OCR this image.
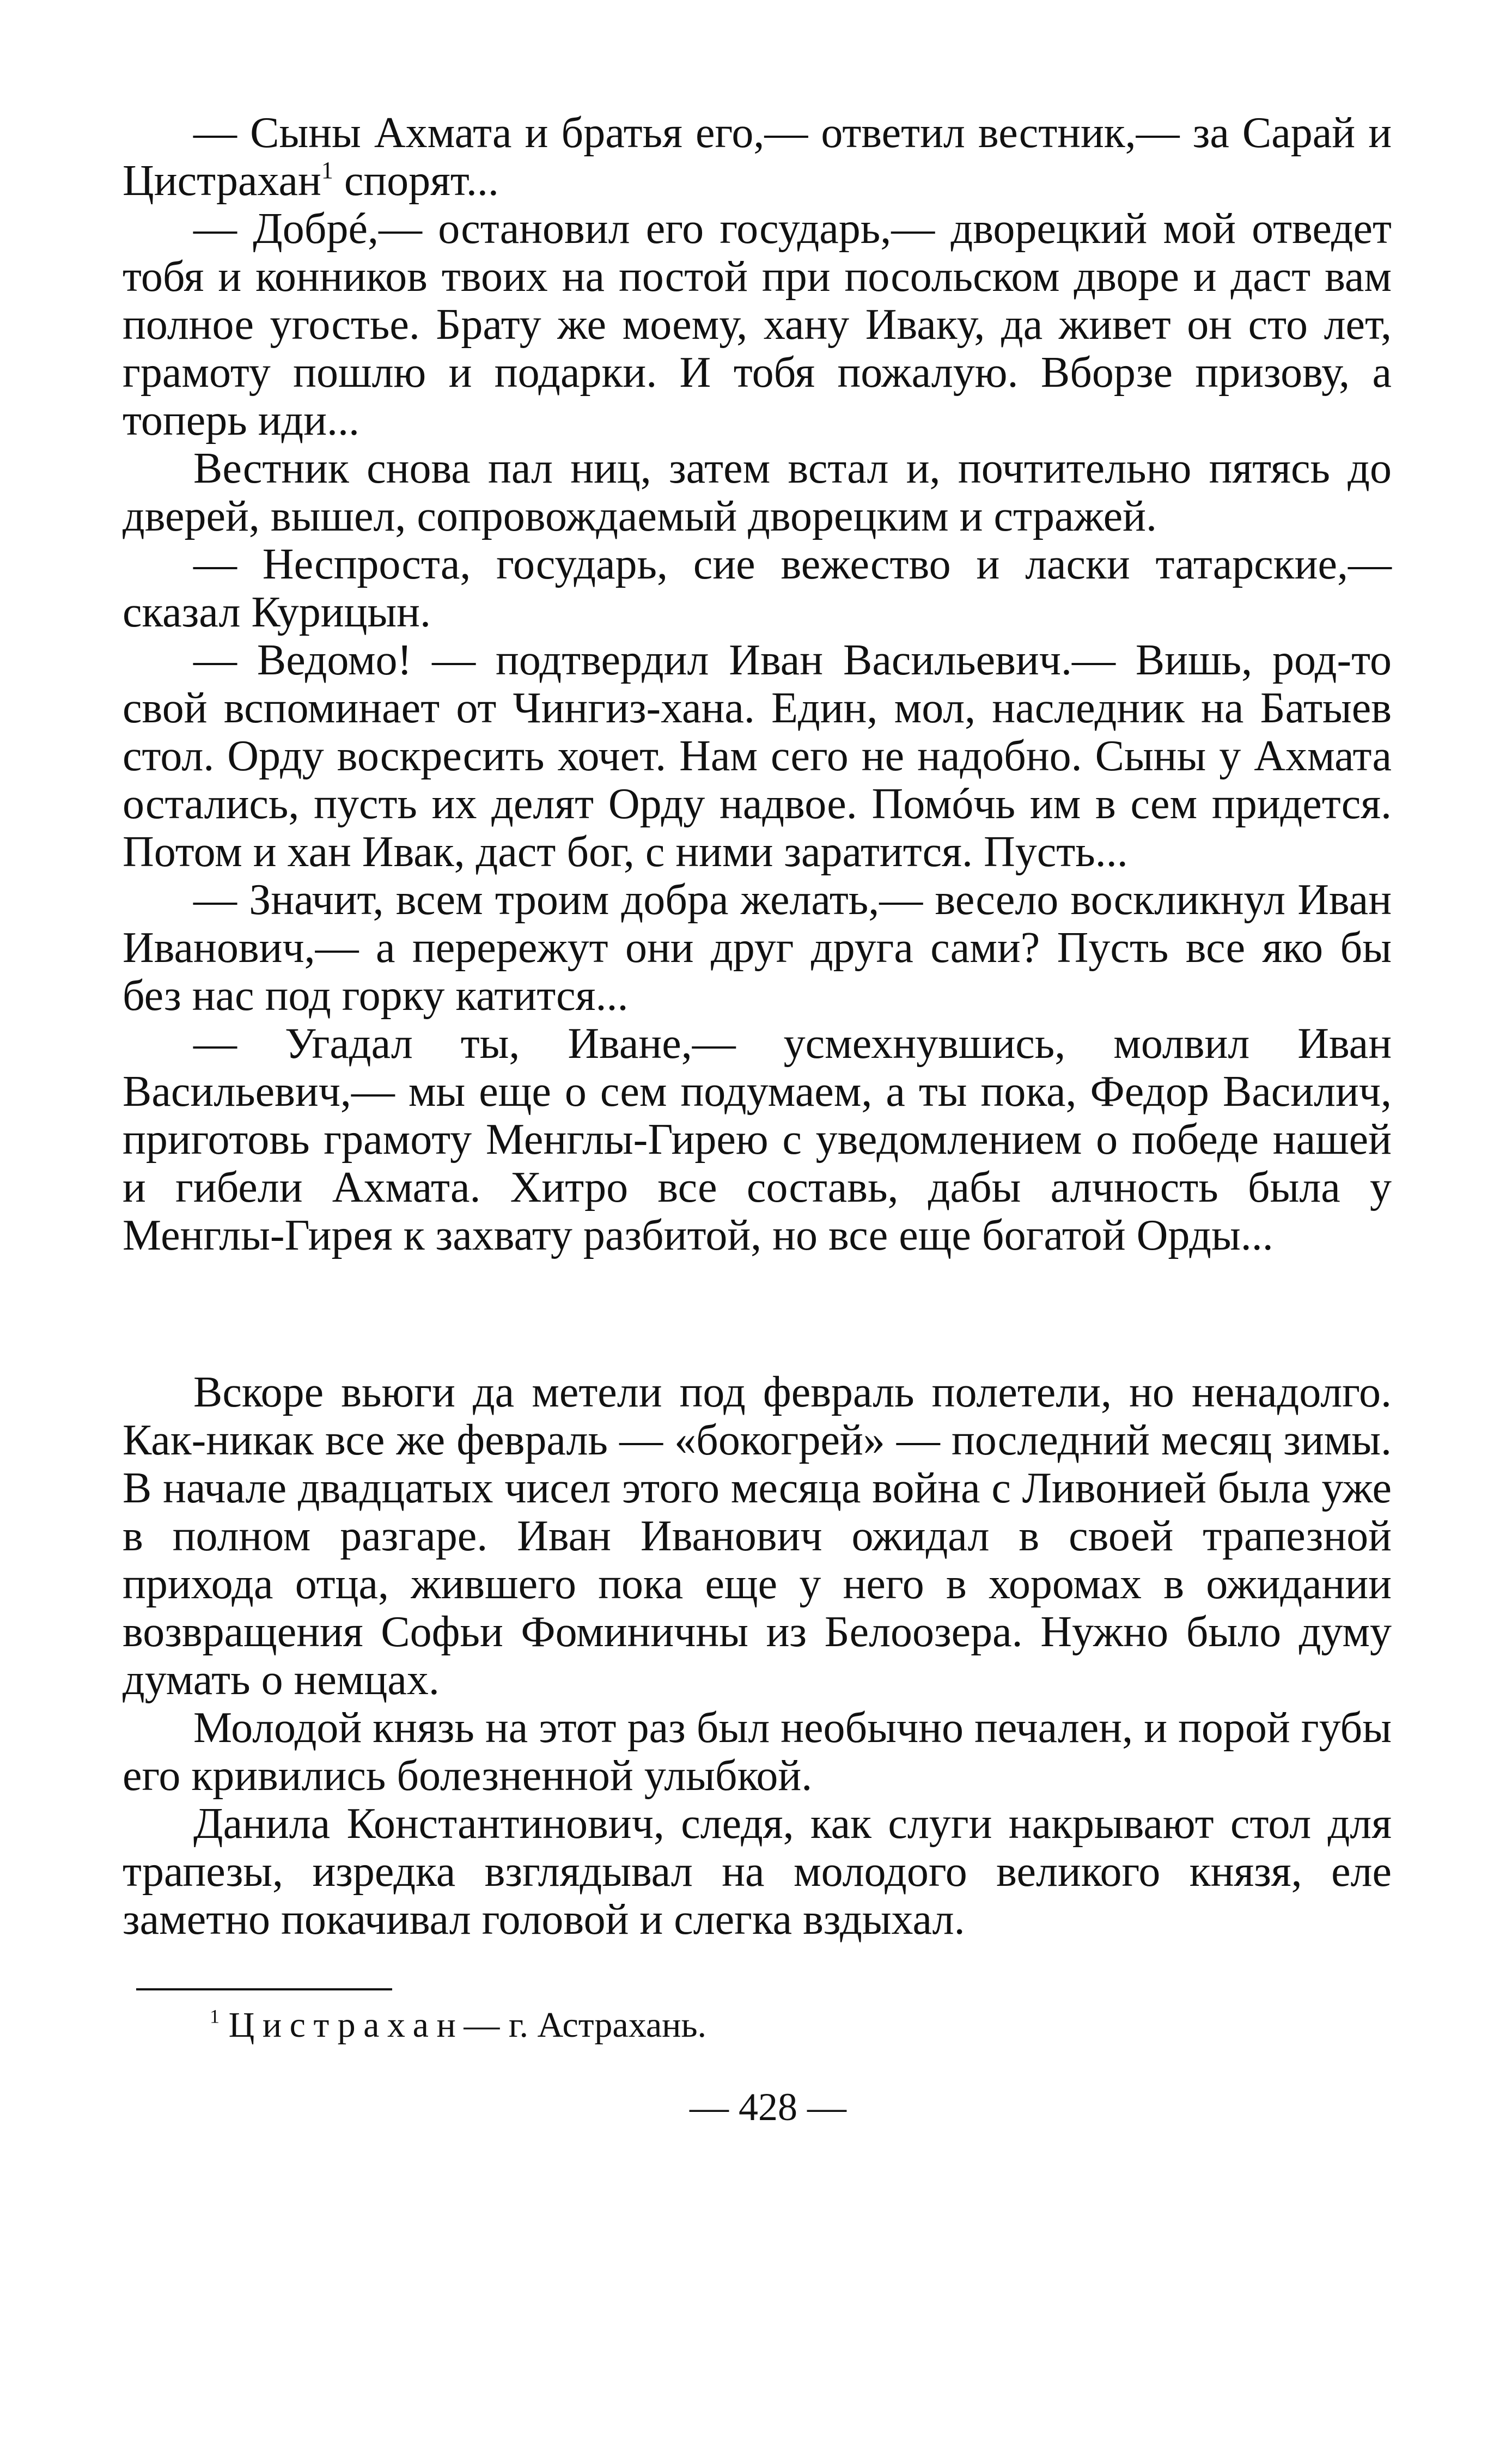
— Сыны Ахмата и братья его,— ответил вестник,— за Сарай и Цистрахан$^1$ спорят...

— Добрé,— остановил его государь,— дворецкий мой отведет тобя и конников твоих на постой при посольском дворе и даст вам полное угостье. Брату же моему, хану Иваку, да живет он сто лет, грамоту пошлю и подарки. И тобя пожалую. Вборзе призову, а топерь иди...

Вестник снова пал ниц, затем встал и, почтительно пятясь до дверей, вышел, сопровождаемый дворецким и стражей.

— Неспроста, государь, сие вежество и ласки татарские,— сказал Курицын.

— Ведомо! — подтвердил Иван Васильевич.— Вишь, род-то свой вспоминает от Чингиз-хана. Един, мол, наследник на Батыев стол. Орду воскресить хочет. Нам сего не надобно. Сыны у Ахмата остались, пусть их делят Орду надвое. Помóчь им в сем придется. Потом и хан Ивак, даст бог, с ними заратится. Пусть...

— Значит, всем троим добра желать,— весело воскликнул Иван Иванович,— а перережут они друг друга сами? Пусть все яко бы без нас под горку катится...

— Угадал ты, Иване,— усмехнувшись, молвил Иван Васильевич,— мы еще о сем подумаем, а ты пока, Федор Василич, приготовь грамоту Менглы-Гирею с уведомлением о победе нашей и гибели Ахмата. Хитро все составь, дабы алчность была у Менглы-Гирея к захвату разбитой, но все еще богатой Орды...

Вскоре вьюги да метели под февраль полетели, но ненадолго. Как-никак все же февраль — «бокогрей» — последний месяц зимы. В начале двадцатых чисел этого месяца война с Ливонией была уже в полном разгаре. Иван Иванович ожидал в своей трапезной прихода отца, жившего пока еще у него в хоромах в ожидании возвращения Софьи Фоминичны из Белоозера. Нужно было думу думать о немцах.

Молодой князь на этот раз был необычно печален, и порой губы его кривились болезненной улыбкой.

Данила Константинович, следя, как слуги накрывают стол для трапезы, изредка взглядывал на молодого великого князя, еле заметно покачивал головой и слегка вздыхал.

$^1$ Цистрахан— г. Астрахань.

— 428 —
